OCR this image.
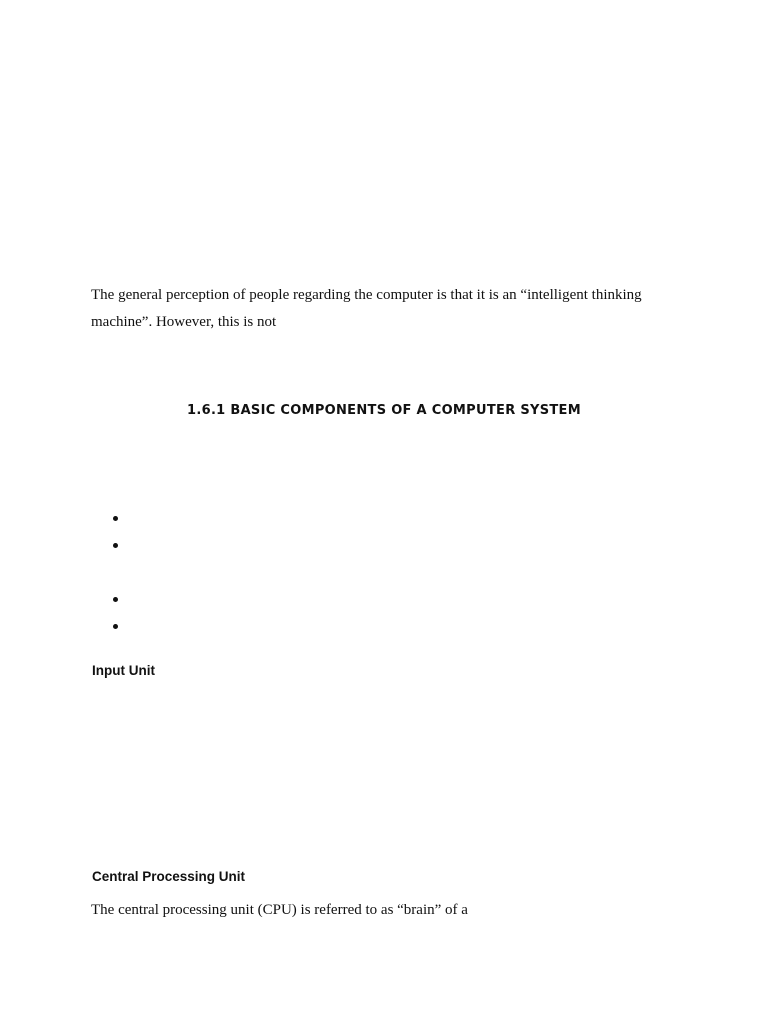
The general perception of people regarding the computer is that it is an “intelligent thinking machine”. However, this is not

1.6.1 BASIC COMPONENTS OF A COMPUTER SYSTEM
Input Unit
Central Processing Unit

The central processing unit (CPU) is referred to as “brain” of a
